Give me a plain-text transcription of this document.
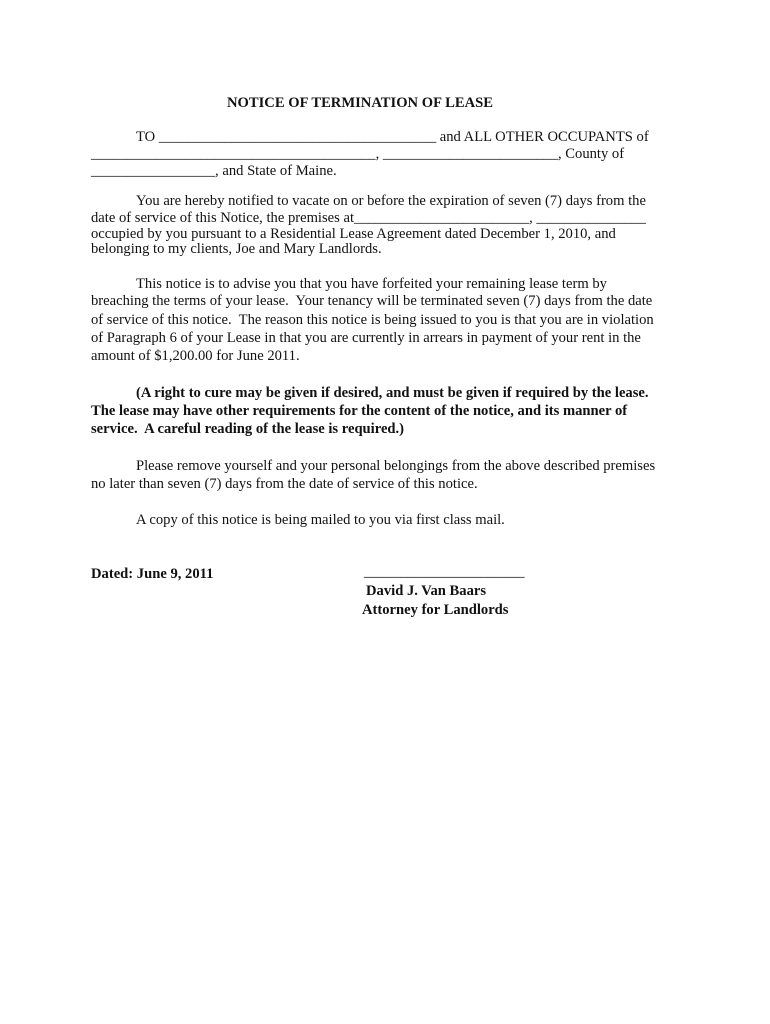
NOTICE OF TERMINATION OF LEASE
TO ______________________________________ and ALL OTHER OCCUPANTS of
_______________________________________, ________________________, County of
_________________, and State of Maine.
You are hereby notified to vacate on or before the expiration of seven (7) days from the
date of service of this Notice, the premises at________________________, _______________
occupied by you pursuant to a Residential Lease Agreement dated December 1, 2010, and
belonging to my clients, Joe and Mary Landlords.
This notice is to advise you that you have forfeited your remaining lease term by
breaching the terms of your lease.  Your tenancy will be terminated seven (7) days from the date
of service of this notice.  The reason this notice is being issued to you is that you are in violation
of Paragraph 6 of your Lease in that you are currently in arrears in payment of your rent in the
amount of $1,200.00 for June 2011.
(A right to cure may be given if desired, and must be given if required by the lease.
The lease may have other requirements for the content of the notice, and its manner of
service.  A careful reading of the lease is required.)
Please remove yourself and your personal belongings from the above described premises
no later than seven (7) days from the date of service of this notice.
A copy of this notice is being mailed to you via first class mail.
Dated: June 9, 2011	______________________
David J. Van Baars
Attorney for Landlords
